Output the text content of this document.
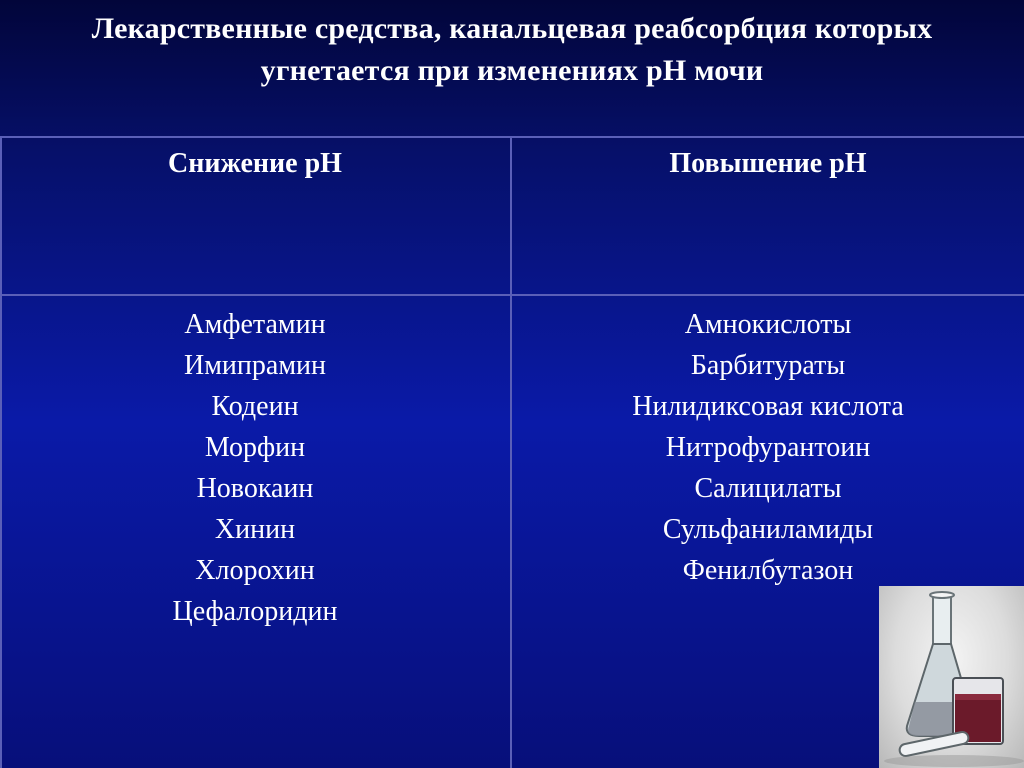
Лекарственные средства, канальцевая реабсорбция которых
угнетается при изменениях рН мочи
Снижение рН	Повышение рН
Амфетамин
Имипрамин
Кодеин
Морфин
Новокаин
Хинин
Хлорохин
Цефалоридин
Амнокислоты
Барбитураты
Нилидиксовая кислота
Нитрофурантоин
Салицилаты
Сульфаниламиды
Фенилбутазон
